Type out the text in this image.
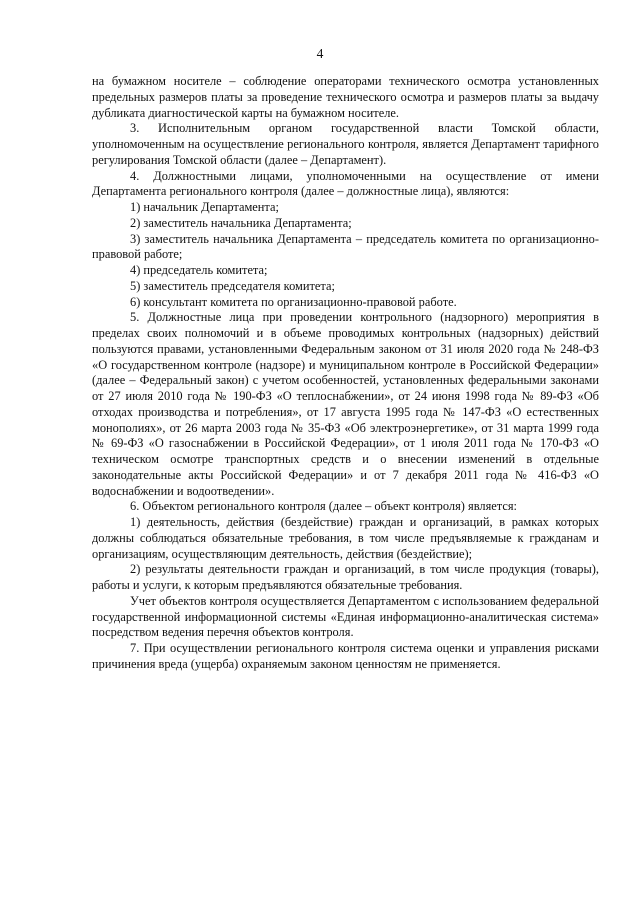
4

на бумажном носителе – соблюдение операторами технического осмотра установленных предельных размеров платы за проведение технического осмотра и размеров платы за выдачу дубликата диагностической карты на бумажном носителе.

3. Исполнительным органом государственной власти Томской области, уполномоченным на осуществление регионального контроля, является Департамент тарифного регулирования Томской области (далее – Департамент).

4. Должностными лицами, уполномоченными на осуществление от имени Департамента регионального контроля (далее – должностные лица), являются:

1) начальник Департамента;

2) заместитель начальника Департамента;

3) заместитель начальника Департамента – председатель комитета по организационно-правовой работе;

4) председатель комитета;

5) заместитель председателя комитета;

6) консультант комитета по организационно-правовой работе.

5. Должностные лица при проведении контрольного (надзорного) мероприятия в пределах своих полномочий и в объеме проводимых контрольных (надзорных) действий пользуются правами, установленными Федеральным законом от 31 июля 2020 года № 248-ФЗ «О государственном контроле (надзоре) и муниципальном контроле в Российской Федерации» (далее – Федеральный закон) с учетом особенностей, установленных федеральными законами от 27 июля 2010 года № 190-ФЗ «О теплоснабжении», от 24 июня 1998 года № 89-ФЗ «Об отходах производства и потребления», от 17 августа 1995 года № 147-ФЗ «О естественных монополиях», от 26 марта 2003 года № 35-ФЗ «Об электроэнергетике», от 31 марта 1999 года № 69-ФЗ «О газоснабжении в Российской Федерации», от 1 июля 2011 года № 170-ФЗ «О техническом осмотре транспортных средств и о внесении изменений в отдельные законодательные акты Российской Федерации» и от 7 декабря 2011 года № 416-ФЗ «О водоснабжении и водоотведении».

6. Объектом регионального контроля (далее – объект контроля) является:

1) деятельность, действия (бездействие) граждан и организаций, в рамках которых должны соблюдаться обязательные требования, в том числе предъявляемые к гражданам и организациям, осуществляющим деятельность, действия (бездействие);

2) результаты деятельности граждан и организаций, в том числе продукция (товары), работы и услуги, к которым предъявляются обязательные требования.

Учет объектов контроля осуществляется Департаментом с использованием федеральной государственной информационной системы «Единая информационно-аналитическая система» посредством ведения перечня объектов контроля.

7. При осуществлении регионального контроля система оценки и управления рисками причинения вреда (ущерба) охраняемым законом ценностям не применяется.
